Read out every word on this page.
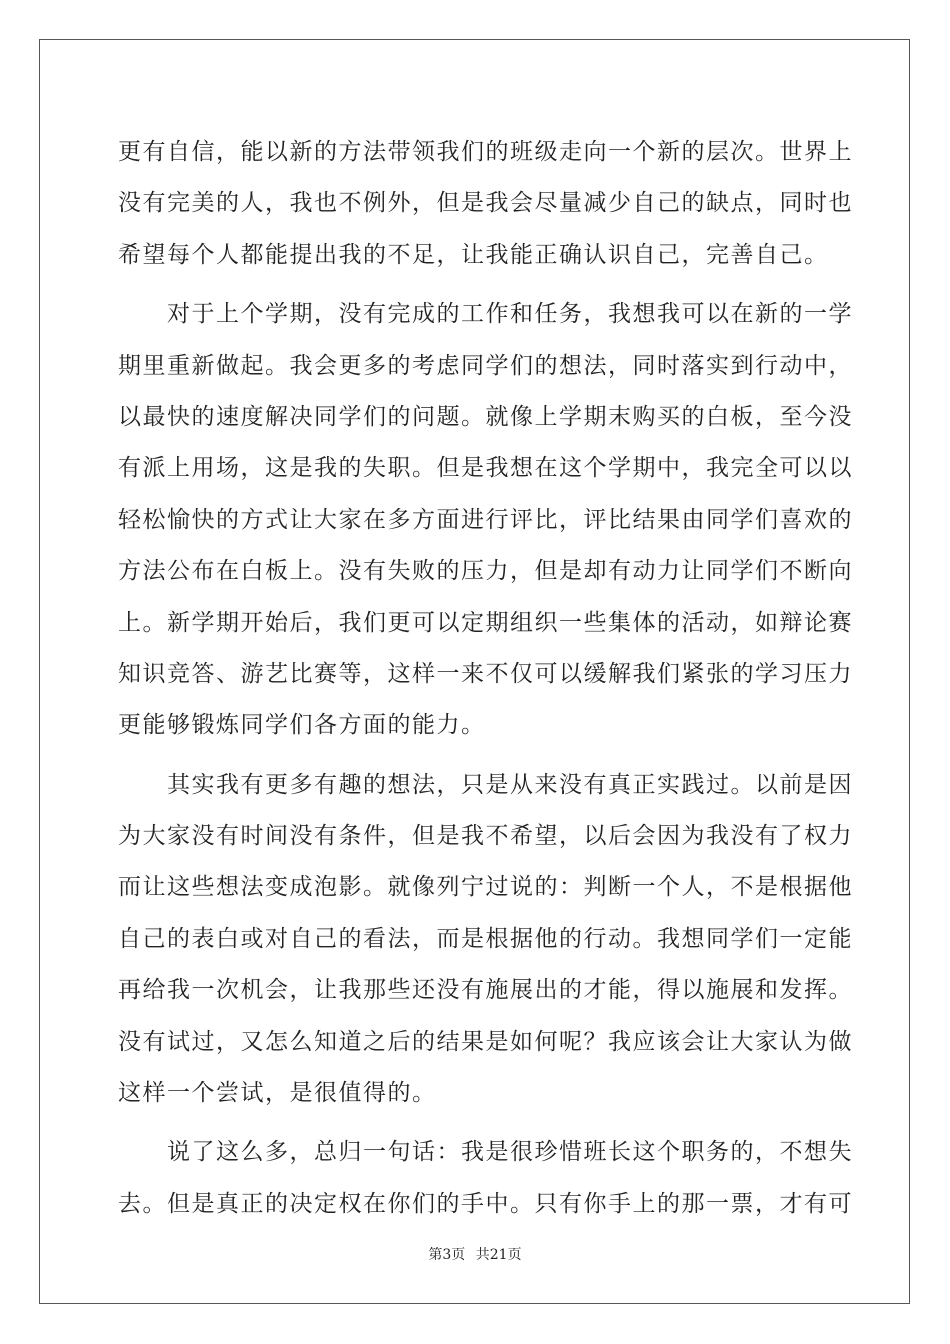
更有自信，能以新的方法带领我们的班级走向一个新的层次。世界上
没有完美的人，我也不例外，但是我会尽量减少自己的缺点，同时也
希望每个人都能提出我的不足，让我能正确认识自己，完善自己。
　　对于上个学期，没有完成的工作和任务，我想我可以在新的一学
期里重新做起。我会更多的考虑同学们的想法，同时落实到行动中，
以最快的速度解决同学们的问题。就像上学期末购买的白板，至今没
有派上用场，这是我的失职。但是我想在这个学期中，我完全可以以
轻松愉快的方式让大家在多方面进行评比，评比结果由同学们喜欢的
方法公布在白板上。没有失败的压力，但是却有动力让同学们不断向
上。新学期开始后，我们更可以定期组织一些集体的活动，如辩论赛
知识竞答、游艺比赛等，这样一来不仅可以缓解我们紧张的学习压力
更能够锻炼同学们各方面的能力。
　　其实我有更多有趣的想法，只是从来没有真正实践过。以前是因
为大家没有时间没有条件，但是我不希望，以后会因为我没有了权力
而让这些想法变成泡影。就像列宁过说的：判断一个人，不是根据他
自己的表白或对自己的看法，而是根据他的行动。我想同学们一定能
再给我一次机会，让我那些还没有施展出的才能，得以施展和发挥。
没有试过，又怎么知道之后的结果是如何呢？我应该会让大家认为做
这样一个尝试，是很值得的。
　　说了这么多，总归一句话：我是很珍惜班长这个职务的，不想失
去。但是真正的决定权在你们的手中。只有你手上的那一票，才有可
第3页 共21页
